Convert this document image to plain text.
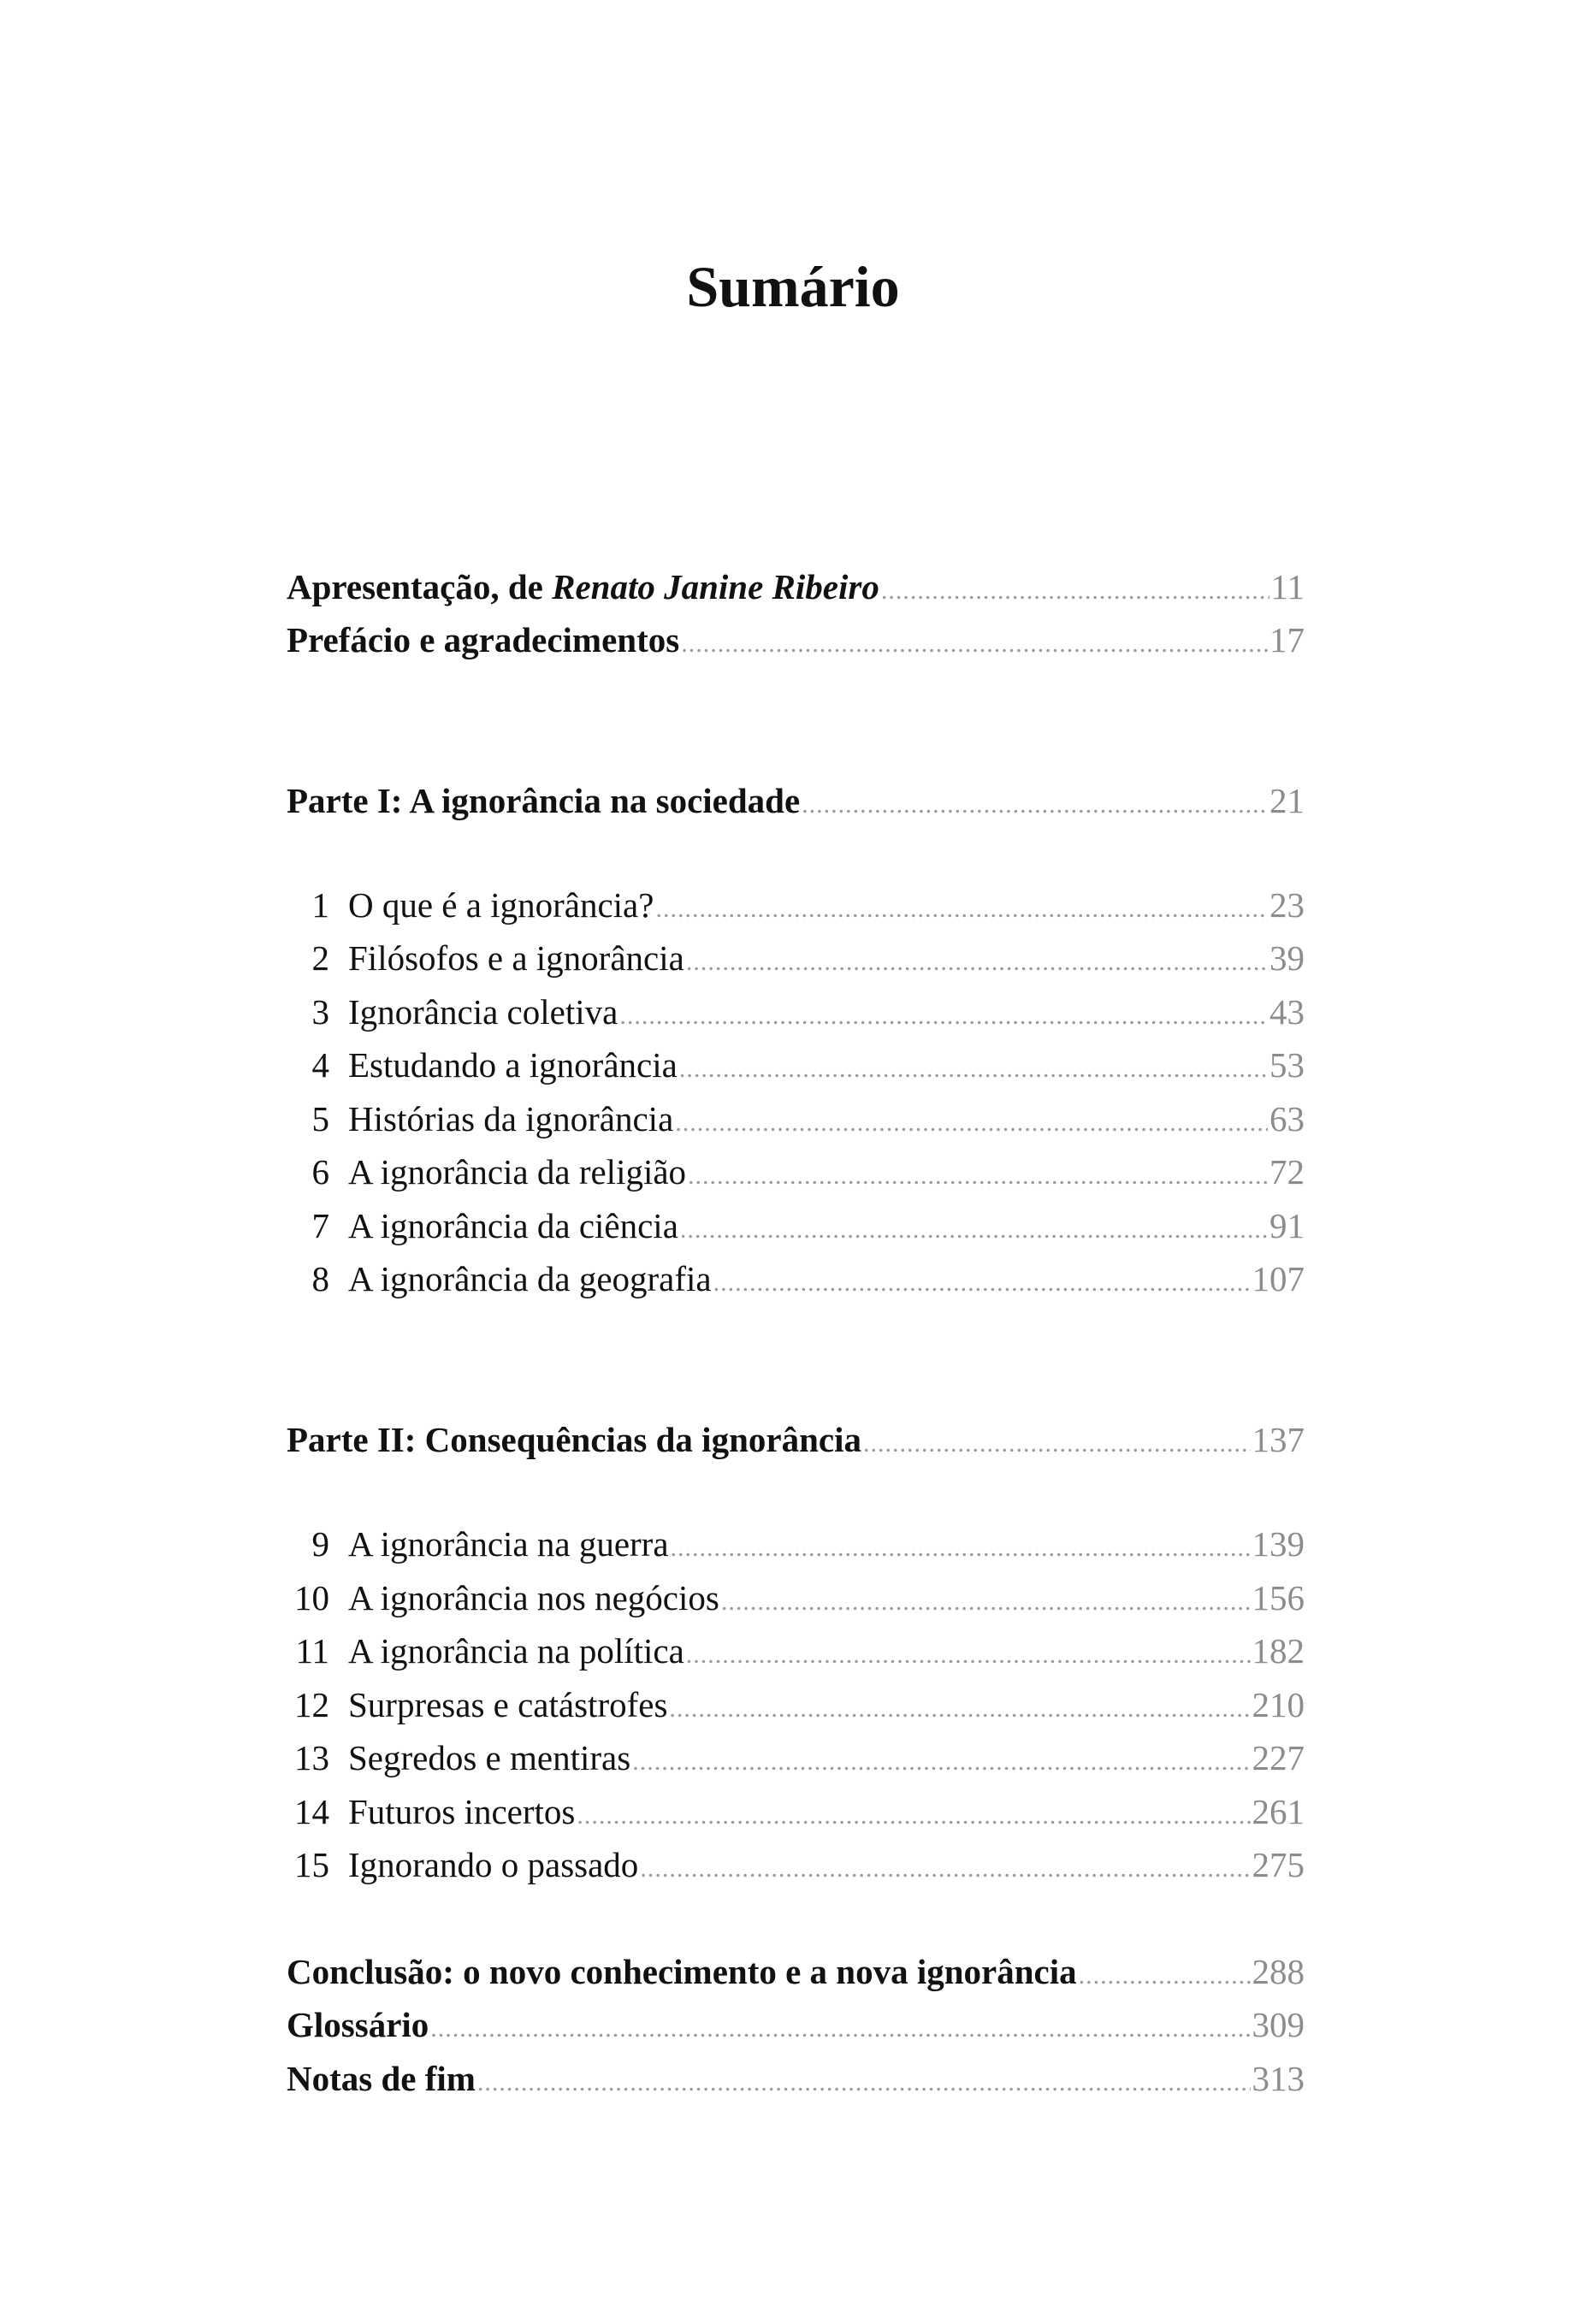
Sumário
Apresentação, de Renato Janine Ribeiro .....	11
Prefácio e agradecimentos .....	17
Parte I: A ignorância na sociedade .....	21
1 O que é a ignorância? .....	23
2 Filósofos e a ignorância .....	39
3 Ignorância coletiva .....	43
4 Estudando a ignorância .....	53
5 Histórias da ignorância .....	63
6 A ignorância da religião .....	72
7 A ignorância da ciência .....	91
8 A ignorância da geografia .....	107
Parte II: Consequências da ignorância .....	137
9 A ignorância na guerra .....	139
10 A ignorância nos negócios .....	156
11 A ignorância na política .....	182
12 Surpresas e catástrofes .....	210
13 Segredos e mentiras .....	227
14 Futuros incertos .....	261
15 Ignorando o passado .....	275
Conclusão: o novo conhecimento e a nova ignorância .....	288
Glossário .....	309
Notas de fim .....	313
